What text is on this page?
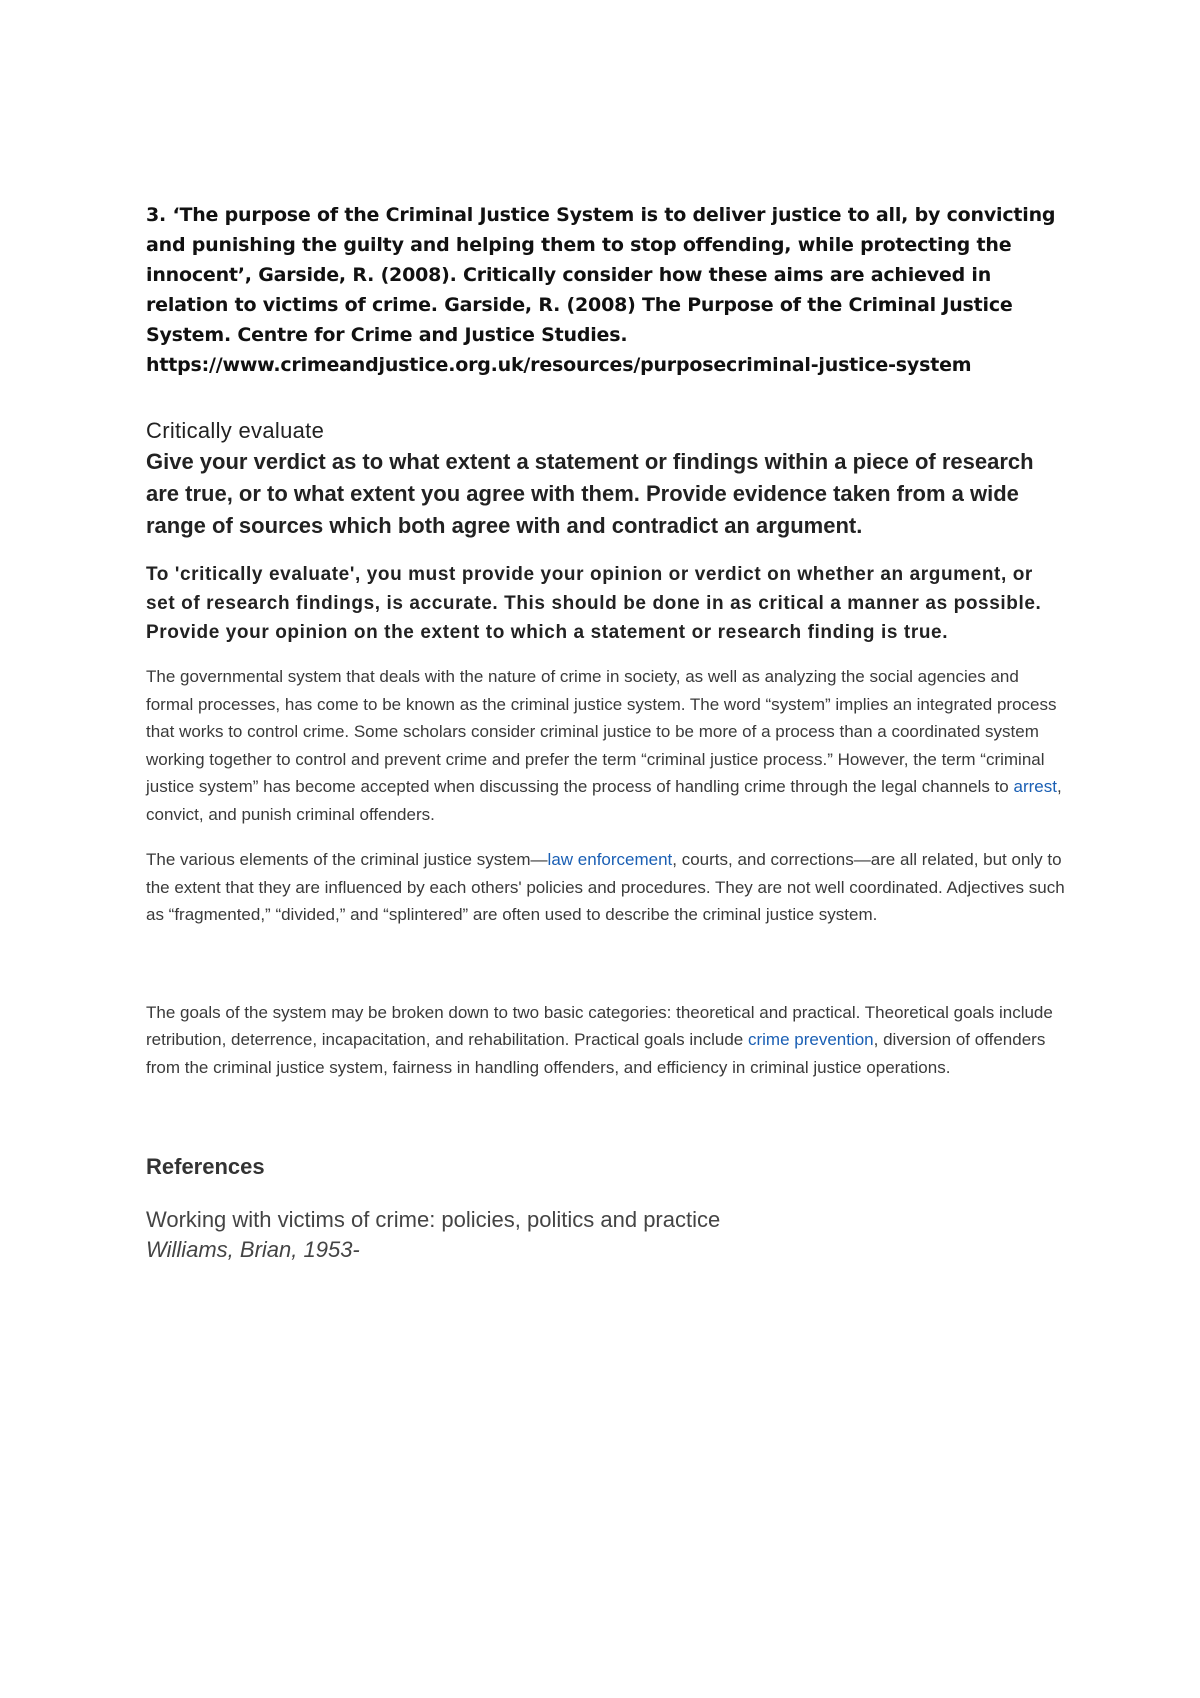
3. ‘The purpose of the Criminal Justice System is to deliver justice to all, by convicting and punishing the guilty and helping them to stop offending, while protecting the innocent’, Garside, R. (2008). Critically consider how these aims are achieved in relation to victims of crime. Garside, R. (2008) The Purpose of the Criminal Justice System. Centre for Crime and Justice Studies. https://www.crimeandjustice.org.uk/resources/purposecriminal-justice-system

Critically evaluate

Give your verdict as to what extent a statement or findings within a piece of research are true, or to what extent you agree with them. Provide evidence taken from a wide range of sources which both agree with and contradict an argument.

To 'critically evaluate', you must provide your opinion or verdict on whether an argument, or set of research findings, is accurate. This should be done in as critical a manner as possible. Provide your opinion on the extent to which a statement or research finding is true.

The governmental system that deals with the nature of crime in society, as well as analyzing the social agencies and formal processes, has come to be known as the criminal justice system. The word “system” implies an integrated process that works to control crime. Some scholars consider criminal justice to be more of a process than a coordinated system working together to control and prevent crime and prefer the term “criminal justice process.” However, the term “criminal justice system” has become accepted when discussing the process of handling crime through the legal channels to arrest, convict, and punish criminal offenders.

The various elements of the criminal justice system—law enforcement, courts, and corrections—are all related, but only to the extent that they are influenced by each others' policies and procedures. They are not well coordinated. Adjectives such as “fragmented,” “divided,” and “splintered” are often used to describe the criminal justice system.

The goals of the system may be broken down to two basic categories: theoretical and practical. Theoretical goals include retribution, deterrence, incapacitation, and rehabilitation. Practical goals include crime prevention, diversion of offenders from the criminal justice system, fairness in handling offenders, and efficiency in criminal justice operations.

References

Working with victims of crime: policies, politics and practice

Williams, Brian, 1953-
